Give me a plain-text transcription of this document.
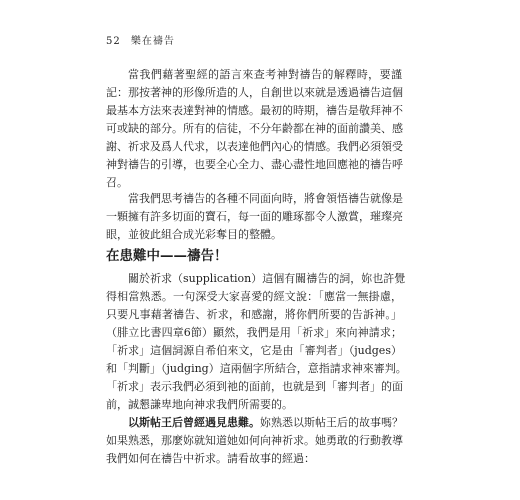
52 樂在禱告

當我們藉著聖經的語言來查考神對禱告的解釋時，要謹
記：那按著神的形像所造的人，自創世以來就是透過禱告這個
最基本方法來表達對神的情感。最初的時期，禱告是敬拜神不
可或缺的部分。所有的信徒，不分年齡都在神的面前讚美、感
謝、祈求及爲人代求，以表達他們內心的情感。我們必須領受
神對禱告的引導，也要全心全力、盡心盡性地回應祂的禱告呼
召。

當我們思考禱告的各種不同面向時，將會領悟禱告就像是
一顆擁有許多切面的寶石，每一面的雕琢都令人激賞，璀璨亮
眼，並彼此組合成光彩奪目的整體。

在患難中——禱告！

關於祈求（supplication）這個有關禱告的詞，妳也許覺
得相當熟悉。一句深受大家喜愛的經文說：「應當一無掛慮，
只要凡事藉著禱告、祈求，和感謝，將你們所要的告訴神。」
（腓立比書四章6節）顯然，我們是用「祈求」來向神請求；
「祈求」這個詞源自希伯來文，它是由「審判者」（judges）
和「判斷」（judging）這兩個字所結合，意指請求神來審判。
「祈求」表示我們必須到祂的面前，也就是到「審判者」的面
前，誠懇謙卑地向神求我們所需要的。

以斯帖王后曾經遇見患難。妳熟悉以斯帖王后的故事嗎？
如果熟悉，那麼妳就知道她如何向神祈求。她勇敢的行動教導
我們如何在禱告中祈求。請看故事的經過：
